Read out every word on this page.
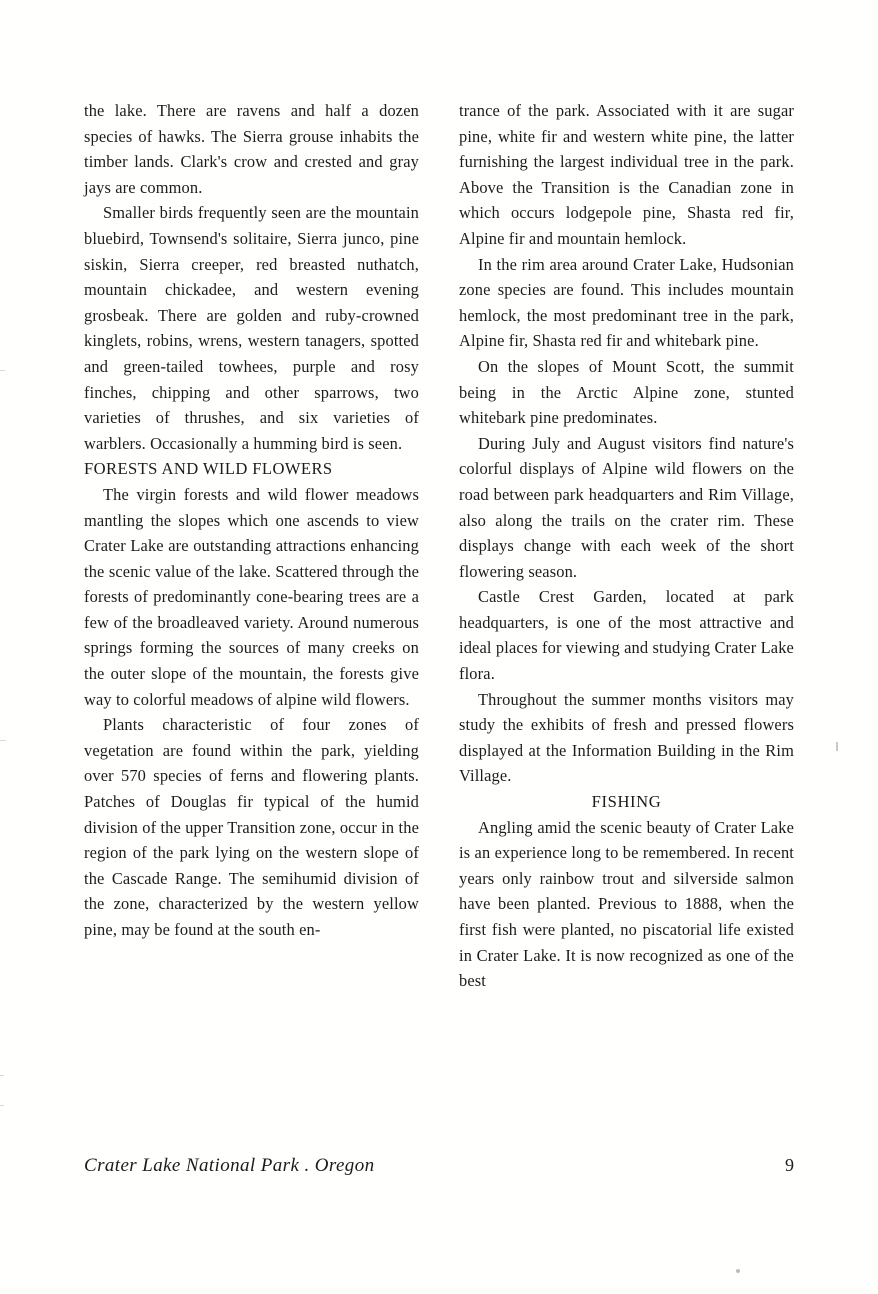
the lake. There are ravens and half a dozen species of hawks. The Sierra grouse inhabits the timber lands. Clark's crow and crested and gray jays are common.

Smaller birds frequently seen are the mountain bluebird, Townsend's solitaire, Sierra junco, pine siskin, Sierra creeper, red breasted nuthatch, mountain chickadee, and western evening grosbeak. There are golden and ruby-crowned kinglets, robins, wrens, western tanagers, spotted and green-tailed towhees, purple and rosy finches, chipping and other sparrows, two varieties of thrushes, and six varieties of warblers. Occasionally a humming bird is seen.

FORESTS AND WILD FLOWERS

The virgin forests and wild flower meadows mantling the slopes which one ascends to view Crater Lake are outstanding attractions enhancing the scenic value of the lake. Scattered through the forests of predominantly cone-bearing trees are a few of the broadleaved variety. Around numerous springs forming the sources of many creeks on the outer slope of the mountain, the forests give way to colorful meadows of alpine wild flowers.

Plants characteristic of four zones of vegetation are found within the park, yielding over 570 species of ferns and flowering plants. Patches of Douglas fir typical of the humid division of the upper Transition zone, occur in the region of the park lying on the western slope of the Cascade Range. The semihumid division of the zone, characterized by the western yellow pine, may be found at the south en-

trance of the park. Associated with it are sugar pine, white fir and western white pine, the latter furnishing the largest individual tree in the park. Above the Transition is the Canadian zone in which occurs lodgepole pine, Shasta red fir, Alpine fir and mountain hemlock.

In the rim area around Crater Lake, Hudsonian zone species are found. This includes mountain hemlock, the most predominant tree in the park, Alpine fir, Shasta red fir and whitebark pine.

On the slopes of Mount Scott, the summit being in the Arctic Alpine zone, stunted whitebark pine predominates.

During July and August visitors find nature's colorful displays of Alpine wild flowers on the road between park headquarters and Rim Village, also along the trails on the crater rim. These displays change with each week of the short flowering season.

Castle Crest Garden, located at park headquarters, is one of the most attractive and ideal places for viewing and studying Crater Lake flora.

Throughout the summer months visitors may study the exhibits of fresh and pressed flowers displayed at the Information Building in the Rim Village.

FISHING

Angling amid the scenic beauty of Crater Lake is an experience long to be remembered. In recent years only rainbow trout and silverside salmon have been planted. Previous to 1888, when the first fish were planted, no piscatorial life existed in Crater Lake. It is now recognized as one of the best

Crater Lake National Park . Oregon	9
